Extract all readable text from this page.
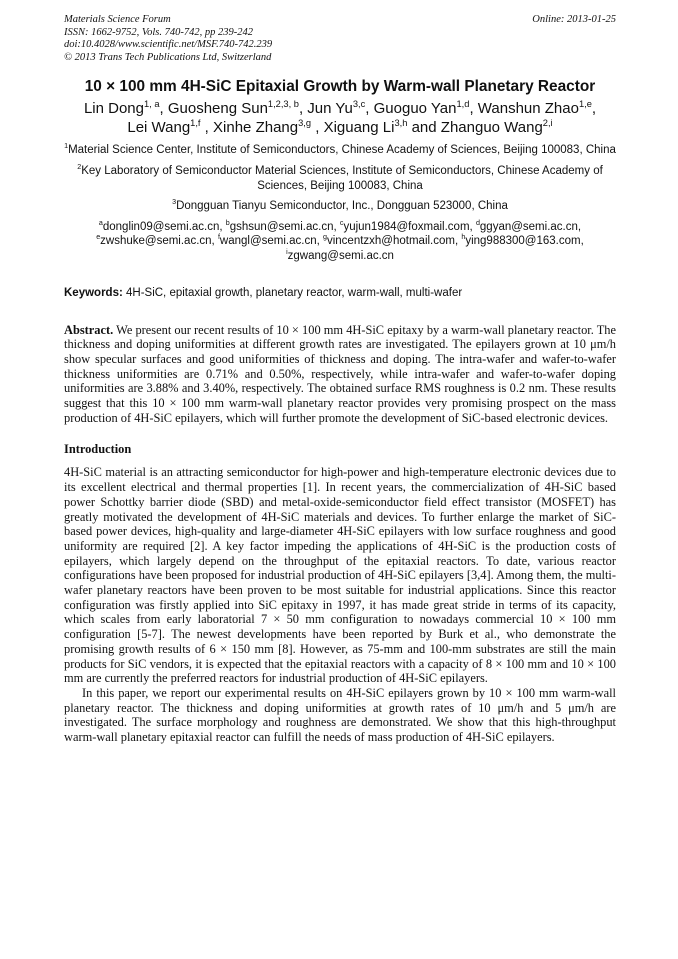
Materials Science Forum	Online: 2013-01-25
ISSN: 1662-9752, Vols. 740-742, pp 239-242
doi:10.4028/www.scientific.net/MSF.740-742.239
© 2013 Trans Tech Publications Ltd, Switzerland
10 × 100 mm 4H-SiC Epitaxial Growth by Warm-wall Planetary Reactor
Lin Dong$^{1, a}$, Guosheng Sun$^{1,2,3, b}$, Jun Yu$^{3,c}$, Guoguo Yan$^{1,d}$, Wanshun Zhao$^{1,e}$,
Lei Wang$^{1,f}$ , Xinhe Zhang$^{3,g}$ , Xiguang Li$^{3,h}$ and Zhanguo Wang$^{2,i}$
$^1$Material Science Center, Institute of Semiconductors, Chinese Academy of Sciences, Beijing 100083, China
$^2$Key Laboratory of Semiconductor Material Sciences, Institute of Semiconductors, Chinese Academy of Sciences, Beijing 100083, China
$^3$Dongguan Tianyu Semiconductor, Inc., Dongguan 523000, China
$^a$donglin09@semi.ac.cn, $^b$gshsun@semi.ac.cn, $^c$yujun1984@foxmail.com, $^d$ggyan@semi.ac.cn,
$^e$zwshuke@semi.ac.cn, $^f$wangl@semi.ac.cn, $^g$vincentzxh@hotmail.com, $^h$ying988300@163.com,
$^i$zgwang@semi.ac.cn
Keywords: 4H-SiC, epitaxial growth, planetary reactor, warm-wall, multi-wafer
Abstract. We present our recent results of 10 × 100 mm 4H-SiC epitaxy by a warm-wall planetary reactor. The thickness and doping uniformities at different growth rates are investigated. The epilayers grown at 10 μm/h show specular surfaces and good uniformities of thickness and doping. The intra-wafer and wafer-to-wafer thickness uniformities are 0.71% and 0.50%, respectively, while intra-wafer and wafer-to-wafer doping uniformities are 3.88% and 3.40%, respectively. The obtained surface RMS roughness is 0.2 nm. These results suggest that this 10 × 100 mm warm-wall planetary reactor provides very promising prospect on the mass production of 4H-SiC epilayers, which will further promote the development of SiC-based electronic devices.
Introduction
4H-SiC material is an attracting semiconductor for high-power and high-temperature electronic devices due to its excellent electrical and thermal properties [1]. In recent years, the commercialization of 4H-SiC based power Schottky barrier diode (SBD) and metal-oxide-semiconductor field effect transistor (MOSFET) has greatly motivated the development of 4H-SiC materials and devices. To further enlarge the market of SiC-based power devices, high-quality and large-diameter 4H-SiC epilayers with low surface roughness and good uniformity are required [2]. A key factor impeding the applications of 4H-SiC is the production costs of epilayers, which largely depend on the throughput of the epitaxial reactors. To date, various reactor configurations have been proposed for industrial production of 4H-SiC epilayers [3,4]. Among them, the multi-wafer planetary reactors have been proven to be most suitable for industrial applications. Since this reactor configuration was firstly applied into SiC epitaxy in 1997, it has made great stride in terms of its capacity, which scales from early laboratorial 7 × 50 mm configuration to nowadays commercial 10 × 100 mm configuration [5-7]. The newest developments have been reported by Burk et al., who demonstrate the promising growth results of 6 × 150 mm [8]. However, as 75-mm and 100-mm substrates are still the main products for SiC vendors, it is expected that the epitaxial reactors with a capacity of 8 × 100 mm and 10 × 100 mm are currently the preferred reactors for industrial production of 4H-SiC epilayers.
In this paper, we report our experimental results on 4H-SiC epilayers grown by 10 × 100 mm warm-wall planetary reactor. The thickness and doping uniformities at growth rates of 10 μm/h and 5 μm/h are investigated. The surface morphology and roughness are demonstrated. We show that this high-throughput warm-wall planetary epitaxial reactor can fulfill the needs of mass production of 4H-SiC epilayers.
